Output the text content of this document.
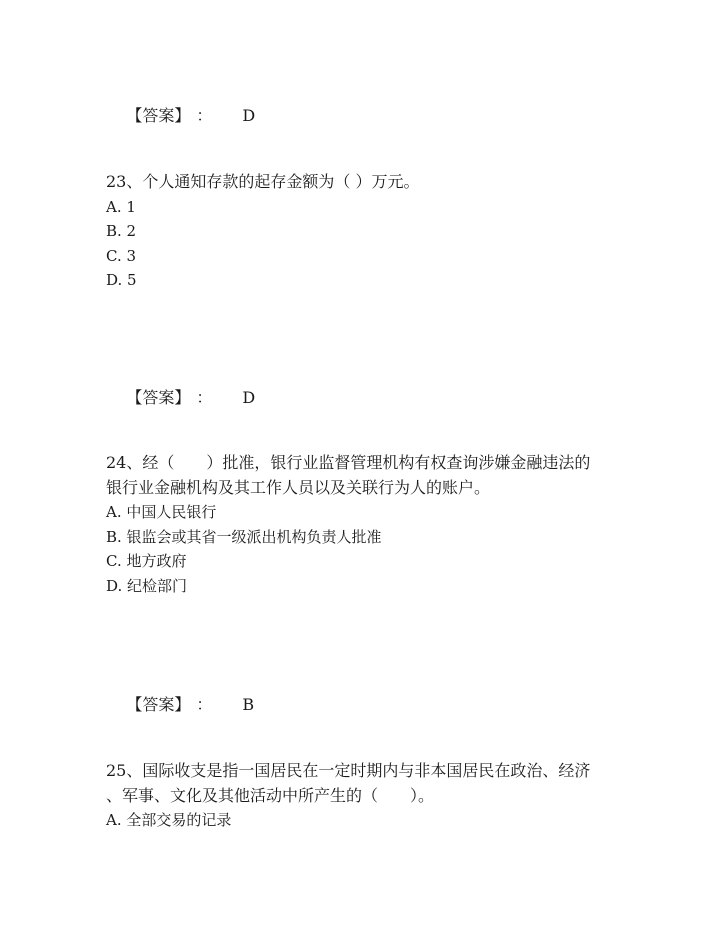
【答案】 ： D

23、个人通知存款的起存金额为（ ）万元。

A. 1
B. 2
C. 3
D. 5

【答案】 ： D

24、经（　　）批准，银行业监督管理机构有权查询涉嫌金融违法的
银行业金融机构及其工作人员以及关联行为人的账户。

A. 中国人民银行
B. 银监会或其省一级派出机构负责人批准
C. 地方政府
D. 纪检部门

【答案】 ： B

25、国际收支是指一国居民在一定时期内与非本国居民在政治、经济
、军事、文化及其他活动中所产生的（　　）。

A. 全部交易的记录
